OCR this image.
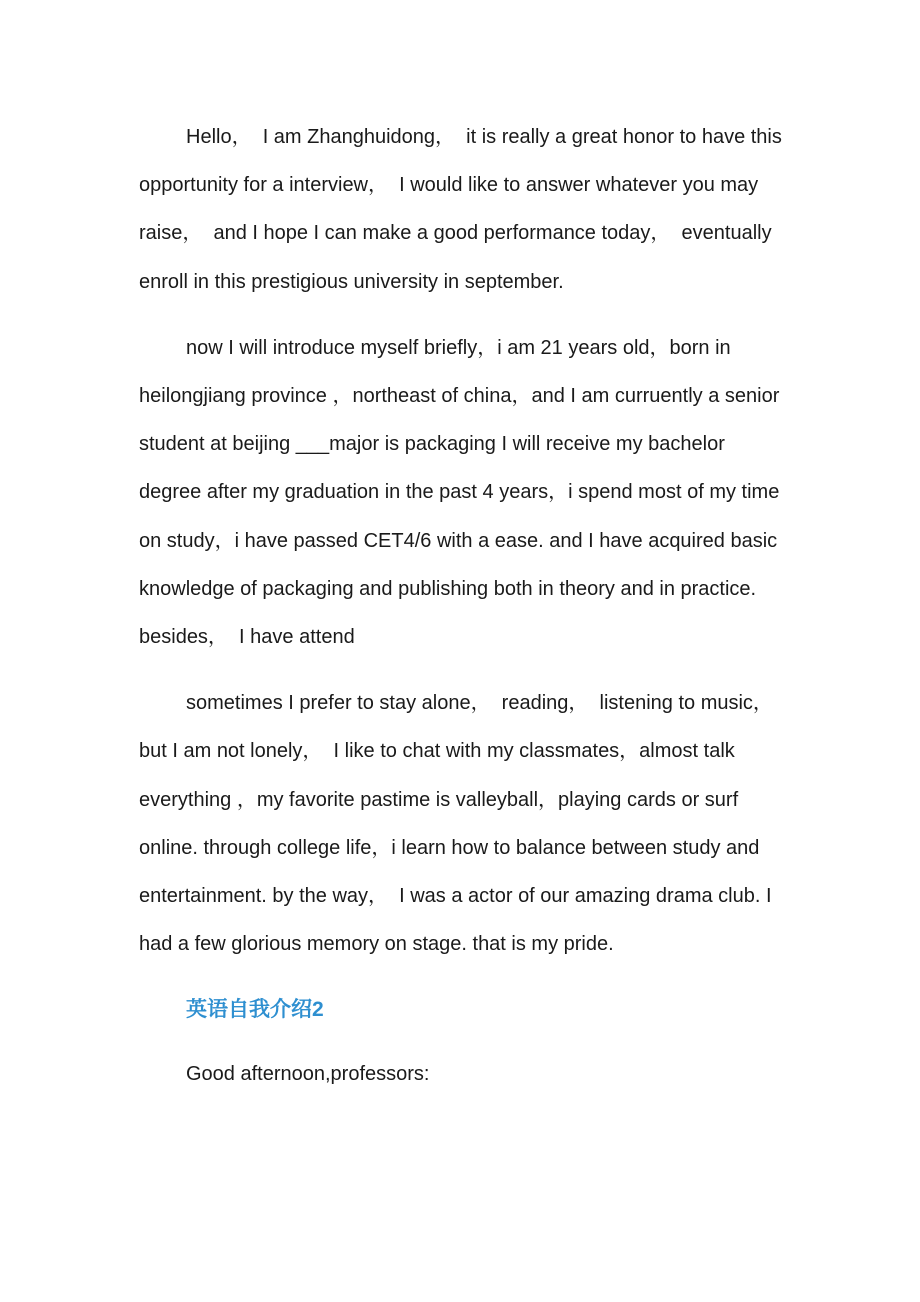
Hello，  I am Zhanghuidong，  it is really a great honor to have this opportunity for a interview，  I would like to answer whatever you may raise，  and I hope I can make a good performance today，  eventually enroll in this prestigious university in september.

now I will introduce myself briefly，i am 21 years old，born in heilongjiang province ，northeast of china，and I am curruently a senior student at beijing ___major is packaging I will receive my bachelor degree after my graduation in the past 4 years，i spend most of my time on study，i have passed CET4/6 with a ease. and I have acquired basic knowledge of packaging and publishing both in theory and in practice. besides，  I have attend

sometimes I prefer to stay alone，  reading，  listening to music，  but I am not lonely，  I like to chat with my classmates，almost talk everything ，my favorite pastime is valleyball，playing cards or surf online. through college life，i learn how to balance between study and entertainment. by the way，  I was a actor of our amazing drama club. I had a few glorious memory on stage. that is my pride.

英语自我介绍2

Good afternoon,professors:
